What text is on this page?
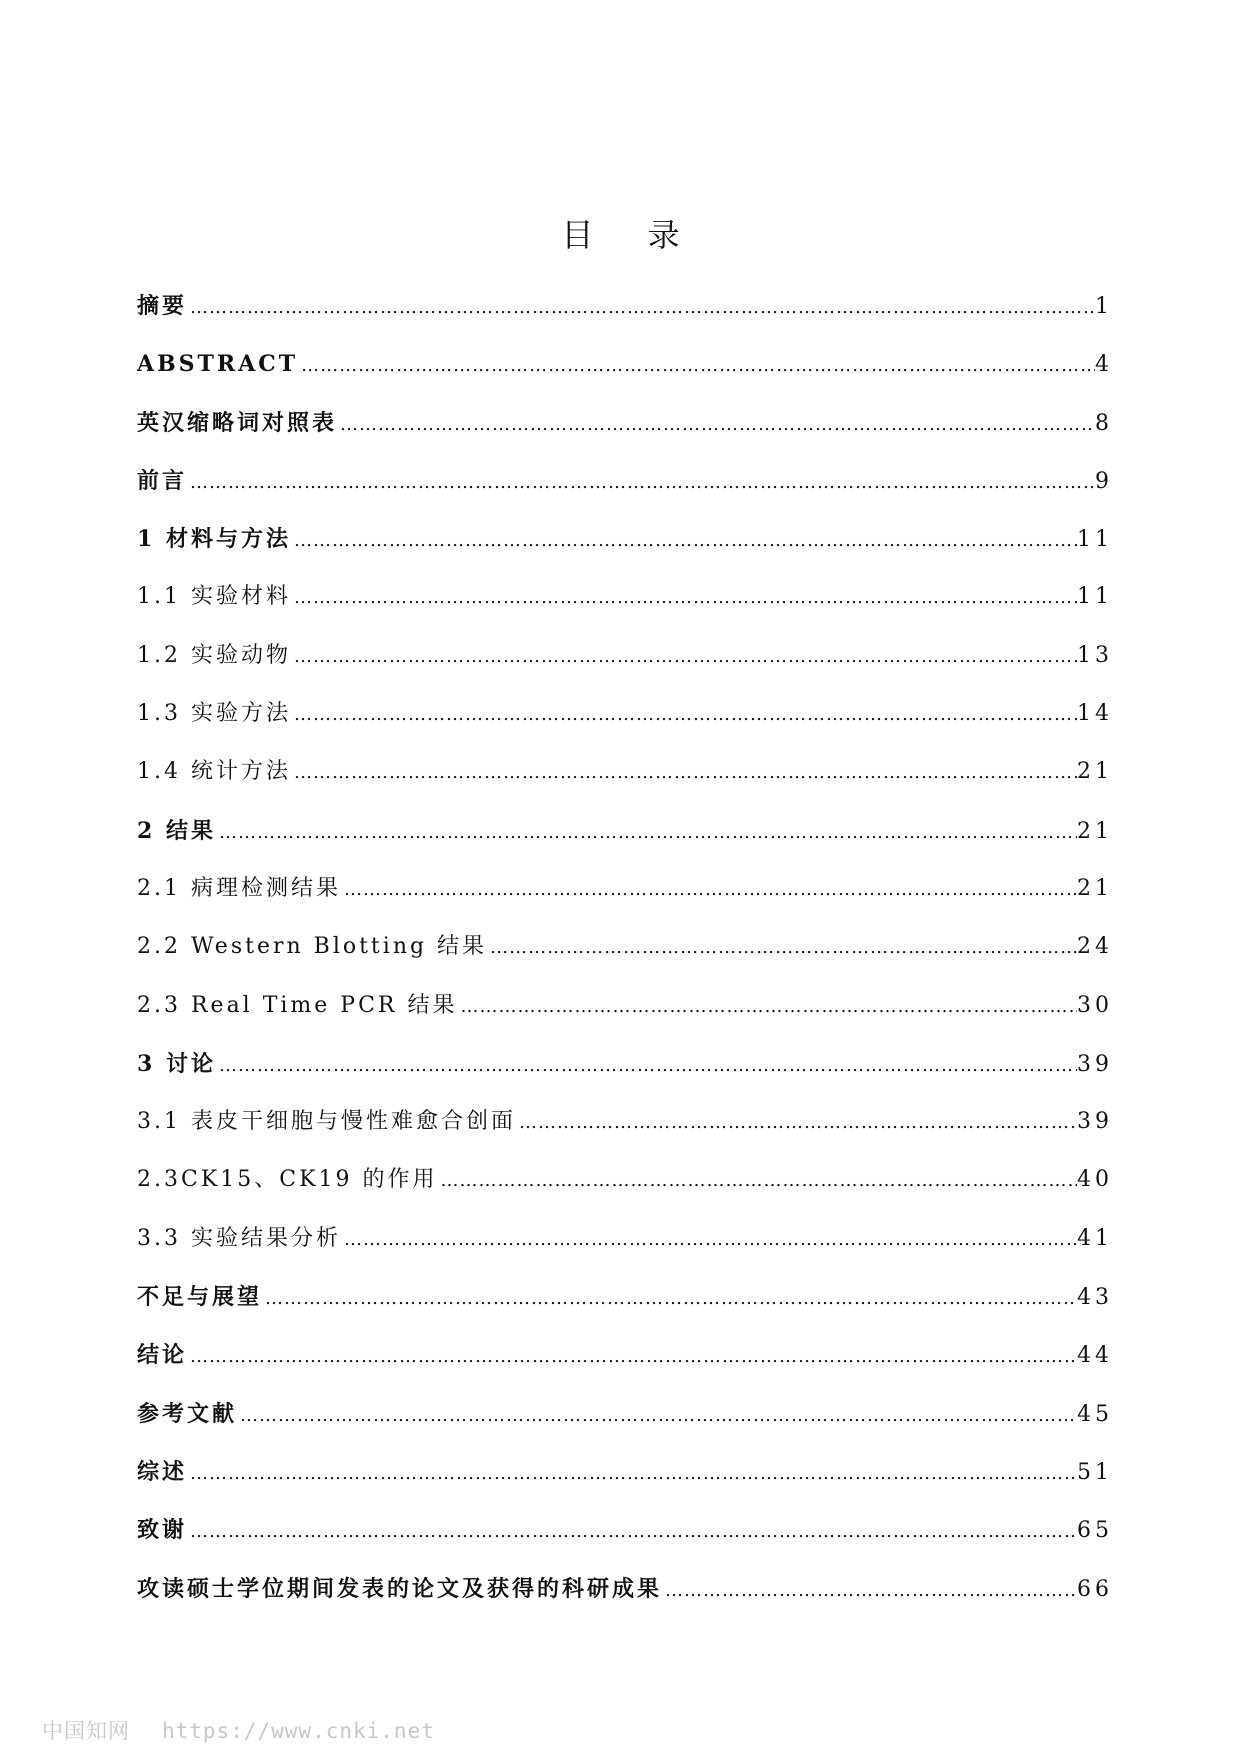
目 录
摘要 ………………………………………………………………………………………………………………………………………………………………………………………………………………………………………………………………	1
ABSTRACT ………………………………………………………………………………………………………………………………………………………………………………………………………………………………………………………………	4
英汉缩略词对照表 ………………………………………………………………………………………………………………………………………………………………………………………………………………………………………………………………	8
前言 ………………………………………………………………………………………………………………………………………………………………………………………………………………………………………………………………	9
1 材料与方法 ………………………………………………………………………………………………………………………………………………………………………………………………………………………………………………………………	11
1.1 实验材料 ………………………………………………………………………………………………………………………………………………………………………………………………………………………………………………………………	11
1.2 实验动物 ………………………………………………………………………………………………………………………………………………………………………………………………………………………………………………………………	13
1.3 实验方法 ………………………………………………………………………………………………………………………………………………………………………………………………………………………………………………………………	14
1.4 统计方法 ………………………………………………………………………………………………………………………………………………………………………………………………………………………………………………………………	21
2 结果 ………………………………………………………………………………………………………………………………………………………………………………………………………………………………………………………………	21
2.1 病理检测结果 ………………………………………………………………………………………………………………………………………………………………………………………………………………………………………………………………	21
2.2 Western Blotting 结果 ………………………………………………………………………………………………………………………………………………………………………………………………………………………………………………………………	24
2.3 Real Time PCR 结果 ………………………………………………………………………………………………………………………………………………………………………………………………………………………………………………………………	30
3 讨论 ………………………………………………………………………………………………………………………………………………………………………………………………………………………………………………………………	39
3.1 表皮干细胞与慢性难愈合创面 ………………………………………………………………………………………………………………………………………………………………………………………………………………………………………………………………	39
2.3CK15、CK19 的作用 ………………………………………………………………………………………………………………………………………………………………………………………………………………………………………………………………	40
3.3 实验结果分析 ………………………………………………………………………………………………………………………………………………………………………………………………………………………………………………………………	41
不足与展望 ………………………………………………………………………………………………………………………………………………………………………………………………………………………………………………………………	43
结论 ………………………………………………………………………………………………………………………………………………………………………………………………………………………………………………………………	44
参考文献 ………………………………………………………………………………………………………………………………………………………………………………………………………………………………………………………………	45
综述 ………………………………………………………………………………………………………………………………………………………………………………………………………………………………………………………………	51
致谢 ………………………………………………………………………………………………………………………………………………………………………………………………………………………………………………………………	65
攻读硕士学位期间发表的论文及获得的科研成果 ………………………………………………………………………………………………………………………………………………………………………………………………………………………………………………………………	66
中国知网 https://www.cnki.net
